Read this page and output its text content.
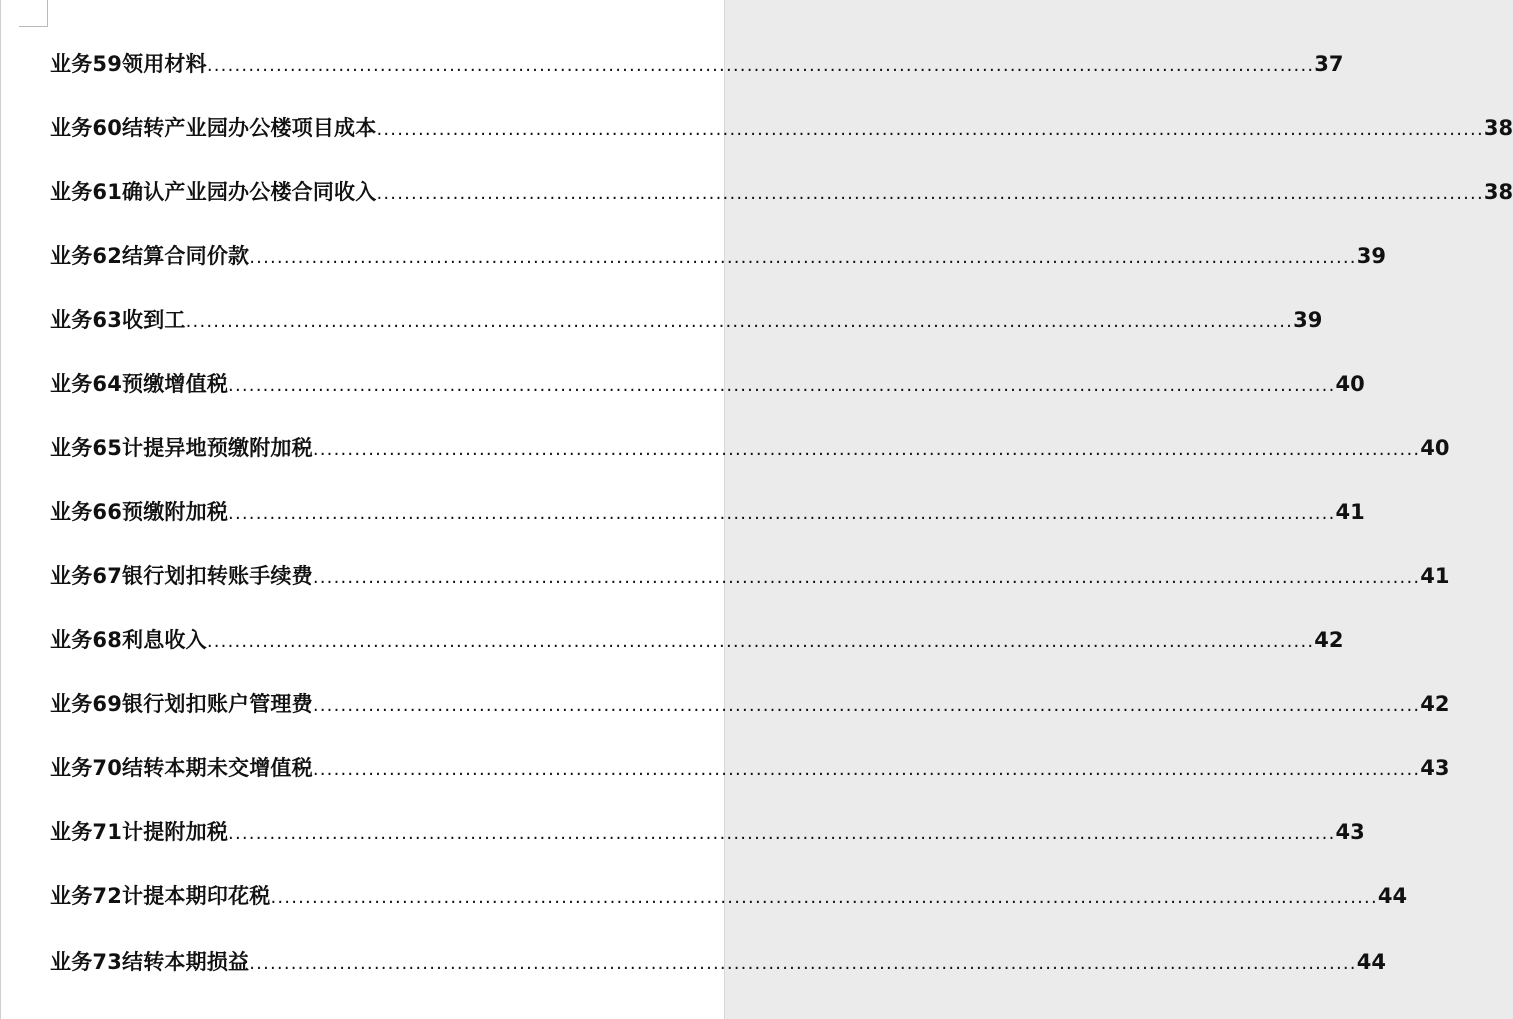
业务59领用材料 ................................................................................................................................................................ 37
业务60结转产业园办公楼项目成本 ................................................................................................................................................................ 38
业务61确认产业园办公楼合同收入 ................................................................................................................................................................ 38
业务62结算合同价款 ................................................................................................................................................................ 39
业务63收到工 ................................................................................................................................................................ 39
业务64预缴增值税 ................................................................................................................................................................ 40
业务65计提异地预缴附加税 ................................................................................................................................................................ 40
业务66预缴附加税 ................................................................................................................................................................ 41
业务67银行划扣转账手续费 ................................................................................................................................................................ 41
业务68利息收入 ................................................................................................................................................................ 42
业务69银行划扣账户管理费 ................................................................................................................................................................ 42
业务70结转本期未交增值税 ................................................................................................................................................................ 43
业务71计提附加税 ................................................................................................................................................................ 43
业务72计提本期印花税 ................................................................................................................................................................ 44
业务73结转本期损益 ................................................................................................................................................................ 44
